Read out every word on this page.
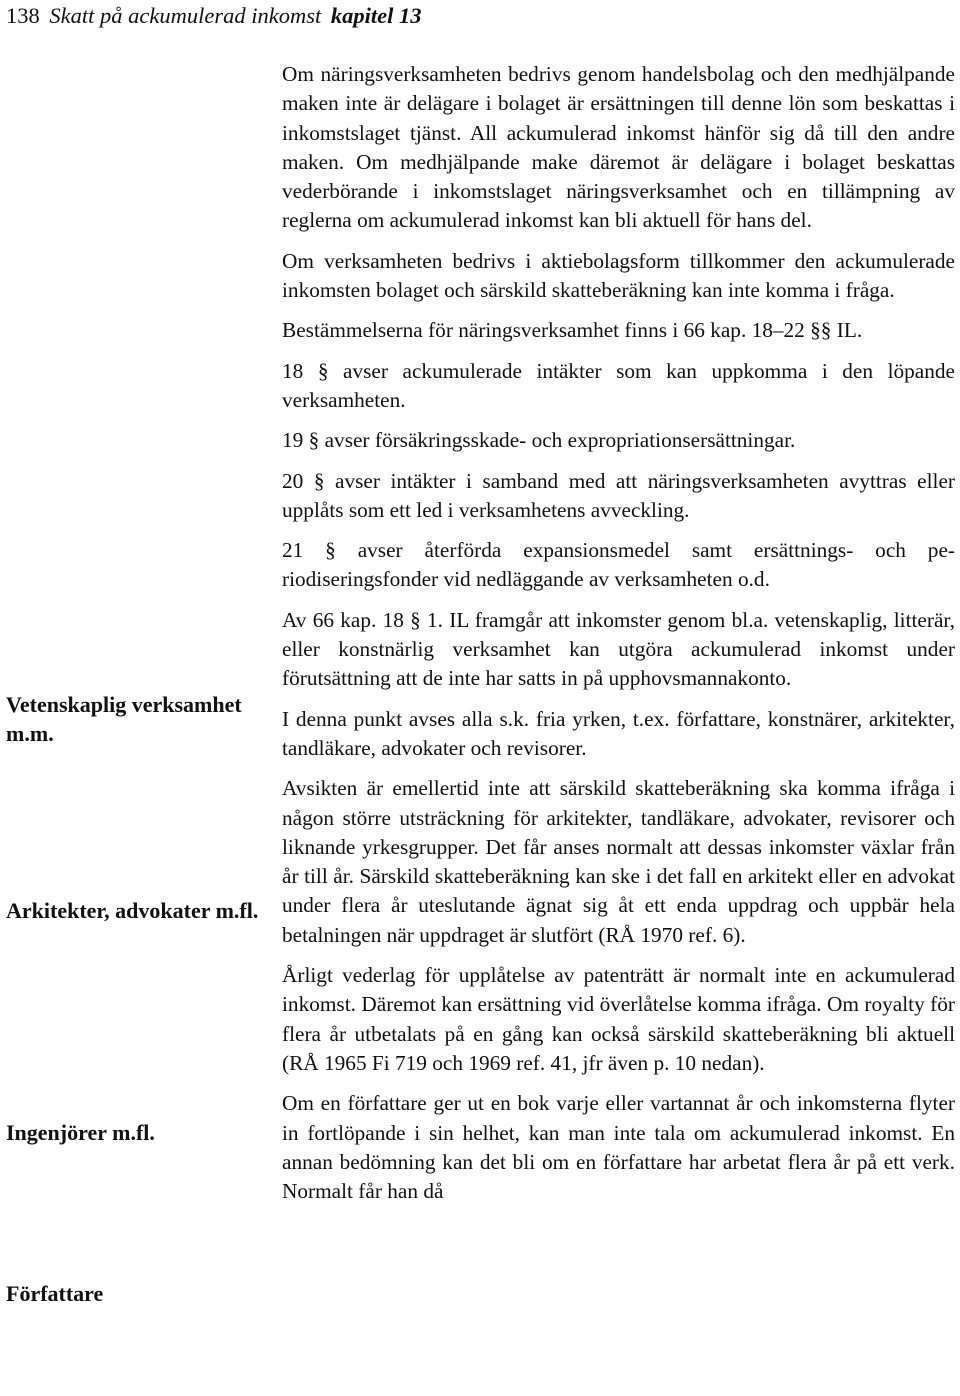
138 Skatt på ackumulerad inkomst kapitel 13
Vetenskaplig verksamhet m.m.
Arkitekter, advokater m.fl.
Ingenjörer m.fl.
Författare

Om näringsverksamheten bedrivs genom handelsbolag och den medhjälpande maken inte är delägare i bolaget är ersättningen till denne lön som beskattas i inkomstslaget tjänst. All ackumulerad inkomst hänför sig då till den andre maken. Om medhjälpande make däremot är delägare i bolaget beskattas vederbörande i inkomstslaget näringsverksamhet och en tillämpning av reglerna om ackumulerad inkomst kan bli aktuell för hans del.

Om verksamheten bedrivs i aktiebolagsform tillkommer den ackumulerade inkomsten bolaget och särskild skatteberäkning kan inte komma i fråga.

Bestämmelserna för näringsverksamhet finns i 66 kap. 18–22 §§ IL.

18 § avser ackumulerade intäkter som kan uppkomma i den löpande verksamheten.

19 § avser försäkringsskade- och expropriationsersättningar.

20 § avser intäkter i samband med att näringsverksamheten avyttras eller upplåts som ett led i verksamhetens avveckling.

21 § avser återförda expansionsmedel samt ersättnings- och periodiseringsfonder vid nedläggande av verksamheten o.d.

Av 66 kap. 18 § 1. IL framgår att inkomster genom bl.a. vetenskaplig, litterär, eller konstnärlig verksamhet kan utgöra ackumulerad inkomst under förutsättning att de inte har satts in på upphovsmannakonto.

I denna punkt avses alla s.k. fria yrken, t.ex. författare, konstnärer, arkitekter, tandläkare, advokater och revisorer.

Avsikten är emellertid inte att särskild skatteberäkning ska komma ifråga i någon större utsträckning för arkitekter, tandläkare, advokater, revisorer och liknande yrkesgrupper. Det får anses normalt att dessas inkomster växlar från år till år. Särskild skatteberäkning kan ske i det fall en arkitekt eller en advokat under flera år uteslutande ägnat sig åt ett enda uppdrag och uppbär hela betalningen när uppdraget är slutfört (RÅ 1970 ref. 6).

Årligt vederlag för upplåtelse av patenträtt är normalt inte en ackumulerad inkomst. Däremot kan ersättning vid överlåtelse komma ifråga. Om royalty för flera år utbetalats på en gång kan också särskild skatteberäkning bli aktuell (RÅ 1965 Fi 719 och 1969 ref. 41, jfr även p. 10 nedan).

Om en författare ger ut en bok varje eller vartannat år och inkomsterna flyter in fortlöpande i sin helhet, kan man inte tala om ackumulerad inkomst. En annan bedömning kan det bli om en författare har arbetat flera år på ett verk. Normalt får han då
